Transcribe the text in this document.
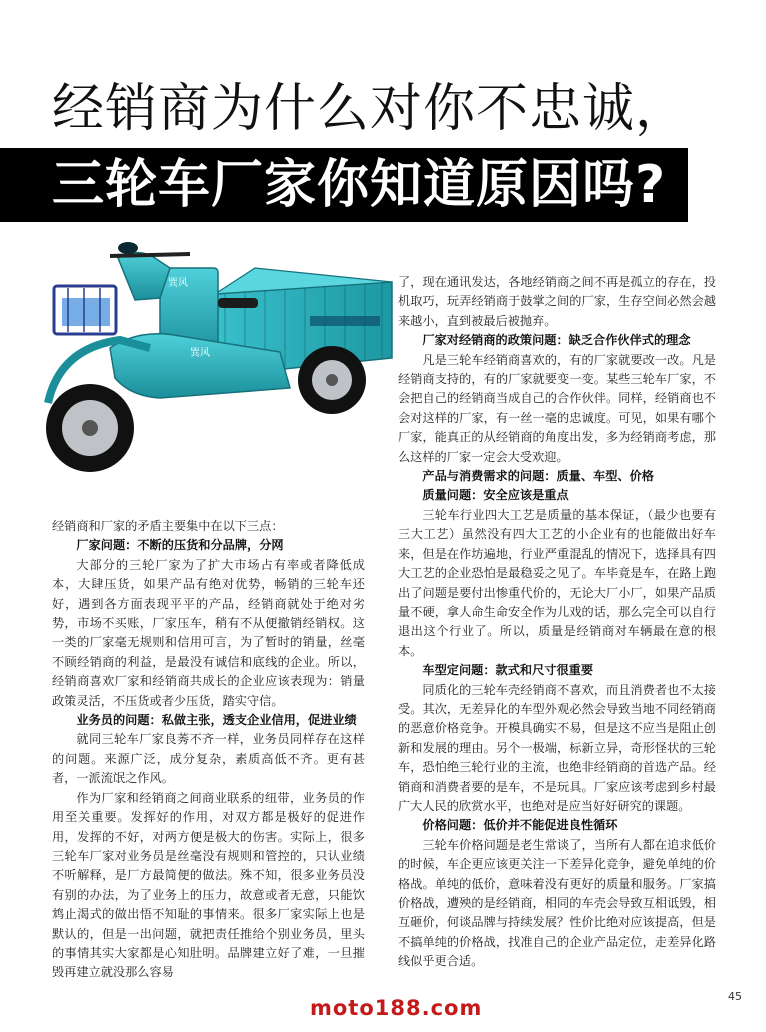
经销商为什么对你不忠诚，
三轮车厂家你知道原因吗?
巽风
巽风

经销商和厂家的矛盾主要集中在以下三点：

厂家问题：不断的压货和分品牌，分网

大部分的三轮厂家为了扩大市场占有率或者降低成本，大肆压货，如果产品有绝对优势，畅销的三轮车还好，遇到各方面表现平平的产品，经销商就处于绝对劣势，市场不买账，厂家压车，稍有不从便撤销经销权。这一类的厂家毫无规则和信用可言，为了暂时的销量，丝毫不顾经销商的利益，是最没有诚信和底线的企业。所以，经销商喜欢厂家和经销商共成长的企业应该表现为：销量政策灵活，不压货或者少压货，踏实守信。

业务员的问题：私做主张，透支企业信用，促进业绩

就同三轮车厂家良莠不齐一样，业务员同样存在这样的问题。来源广泛，成分复杂，素质高低不齐。更有甚者，一派流氓之作风。

作为厂家和经销商之间商业联系的纽带，业务员的作用至关重要。发挥好的作用，对双方都是极好的促进作用，发挥的不好，对两方便是极大的伤害。实际上，很多三轮车厂家对业务员是丝毫没有规则和管控的，只认业绩不听解释，是厂方最简便的做法。殊不知，很多业务员没有别的办法，为了业务上的压力，故意或者无意，只能饮鸩止渴式的做出悟不知耻的事情来。很多厂家实际上也是默认的，但是一出问题，就把责任推给个别业务员，里头的事情其实大家都是心知肚明。品牌建立好了难，一旦摧毁再建立就没那么容易

了，现在通讯发达，各地经销商之间不再是孤立的存在，投机取巧，玩弄经销商于鼓掌之间的厂家，生存空间必然会越来越小，直到被最后被抛弃。

厂家对经销商的政策问题：缺乏合作伙伴式的理念

凡是三轮车经销商喜欢的，有的厂家就要改一改。凡是经销商支持的，有的厂家就要变一变。某些三轮车厂家，不会把自己的经销商当成自己的合作伙伴。同样，经销商也不会对这样的厂家，有一丝一毫的忠诚度。可见，如果有哪个厂家，能真正的从经销商的角度出发，多为经销商考虑，那么这样的厂家一定会大受欢迎。

产品与消费需求的问题：质量、车型、价格

质量问题：安全应该是重点

三轮车行业四大工艺是质量的基本保证，（最少也要有三大工艺）虽然没有四大工艺的小企业有的也能做出好车来，但是在作坊遍地，行业严重混乱的情况下，选择具有四大工艺的企业恐怕是最稳妥之见了。车毕竟是车，在路上跑出了问题是要付出惨重代价的，无论大厂小厂，如果产品质量不硬，拿人命生命安全作为儿戏的话，那么完全可以自行退出这个行业了。所以，质量是经销商对车辆最在意的根本。

车型定问题：款式和尺寸很重要

同质化的三轮车壳经销商不喜欢，而且消费者也不太接受。其次，无差异化的车型外观必然会导致当地不同经销商的恶意价格竞争。开模具确实不易，但是这不应当是阻止创新和发展的理由。另个一极端，标新立异，奇形怪状的三轮车，恐怕绝三轮行业的主流，也绝非经销商的首选产品。经销商和消费者要的是车，不是玩具。厂家应该考虑到乡村最广大人民的欣赏水平，也绝对是应当好好研究的课题。

价格问题：低价并不能促进良性循环

三轮车价格问题是老生常谈了，当所有人都在追求低价的时候，车企更应该更关注一下差异化竞争，避免单纯的价格战。单纯的低价，意味着没有更好的质量和服务。厂家搞价格战，遭殃的是经销商，相同的车壳会导致互相诋毁，相互砸价，何谈品牌与持续发展？性价比绝对应该提高，但是不搞单纯的价格战，找准自己的企业产品定位，走差异化路线似乎更合适。

moto188.com	45
